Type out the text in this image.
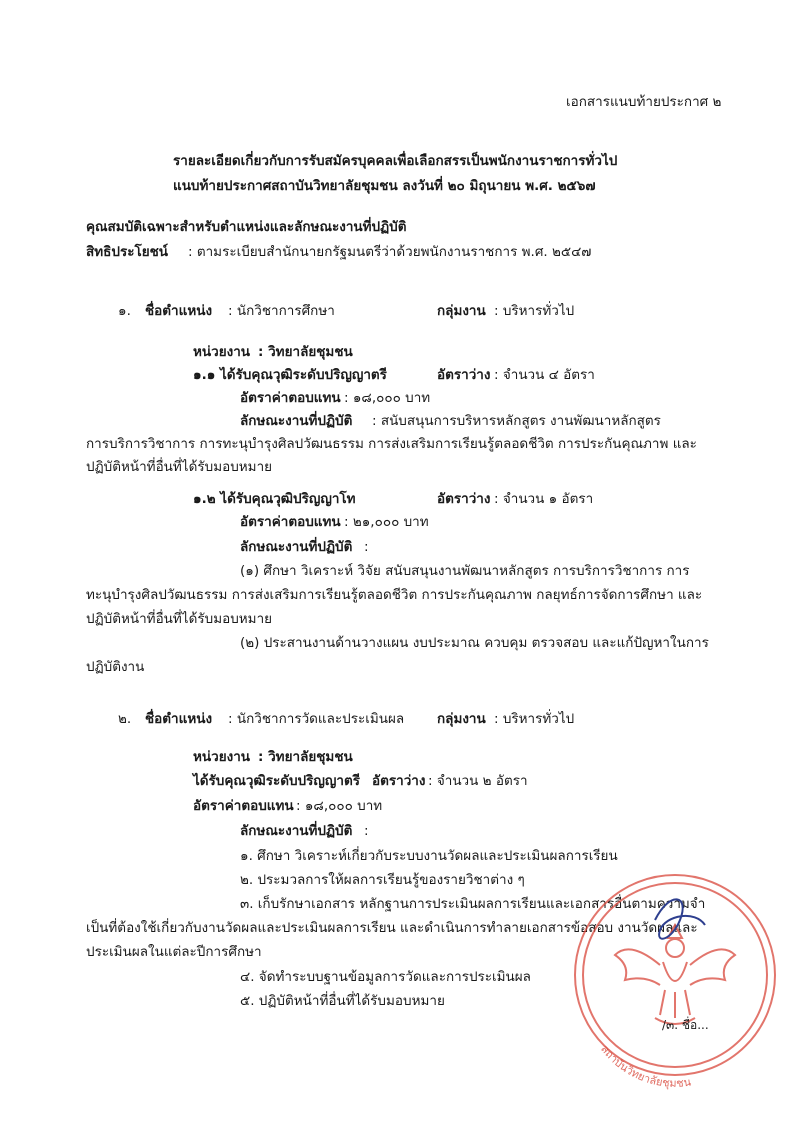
เอกสารแนบท้ายประกาศ ๒
รายละเอียดเกี่ยวกับการรับสมัครบุคคลเพื่อเลือกสรรเป็นพนักงานราชการทั่วไป
แนบท้ายประกาศสถาบันวิทยาลัยชุมชน ลงวันที่ ๒๐ มิถุนายน พ.ศ. ๒๕๖๗
คุณสมบัติเฉพาะสำหรับตำแหน่งและลักษณะงานที่ปฏิบัติ
สิทธิประโยชน์ : ตามระเบียบสำนักนายกรัฐมนตรีว่าด้วยพนักงานราชการ พ.ศ. ๒๕๔๗
๑. ชื่อตำแหน่ง : นักวิชาการศึกษา	กลุ่มงาน : บริหารทั่วไป
หน่วยงาน : วิทยาลัยชุมชน
๑.๑ ได้รับคุณวุฒิระดับปริญญาตรี	อัตราว่าง : จำนวน ๔ อัตรา
อัตราค่าตอบแทน : ๑๘,๐๐๐ บาท
ลักษณะงานที่ปฏิบัติ : สนับสนุนการบริหารหลักสูตร งานพัฒนาหลักสูตร
การบริการวิชาการ การทะนุบำรุงศิลปวัฒนธรรม การส่งเสริมการเรียนรู้ตลอดชีวิต การประกันคุณภาพ และ
ปฏิบัติหน้าที่อื่นที่ได้รับมอบหมาย
๑.๒ ได้รับคุณวุฒิปริญญาโท	อัตราว่าง : จำนวน ๑ อัตรา
อัตราค่าตอบแทน : ๒๑,๐๐๐ บาท
ลักษณะงานที่ปฏิบัติ :
(๑) ศึกษา วิเคราะห์ วิจัย สนับสนุนงานพัฒนาหลักสูตร การบริการวิชาการ การ
ทะนุบำรุงศิลปวัฒนธรรม การส่งเสริมการเรียนรู้ตลอดชีวิต การประกันคุณภาพ กลยุทธ์การจัดการศึกษา และ
ปฏิบัติหน้าที่อื่นที่ได้รับมอบหมาย
(๒) ประสานงานด้านวางแผน งบประมาณ ควบคุม ตรวจสอบ และแก้ปัญหาในการ
ปฏิบัติงาน
๒. ชื่อตำแหน่ง : นักวิชาการวัดและประเมินผล กลุ่มงาน : บริหารทั่วไป
หน่วยงาน : วิทยาลัยชุมชน
ได้รับคุณวุฒิระดับปริญญาตรี อัตราว่าง : จำนวน ๒ อัตรา
อัตราค่าตอบแทน : ๑๘,๐๐๐ บาท
ลักษณะงานที่ปฏิบัติ :
๑. ศึกษา วิเคราะห์เกี่ยวกับระบบงานวัดผลและประเมินผลการเรียน
๒. ประมวลการให้ผลการเรียนรู้ของรายวิชาต่าง ๆ
๓. เก็บรักษาเอกสาร หลักฐานการประเมินผลการเรียนและเอกสารอื่นตามความจำ
เป็นที่ต้องใช้เกี่ยวกับงานวัดผลและประเมินผลการเรียน และดำเนินการทำลายเอกสารข้อสอบ งานวัดผลและ
ประเมินผลในแต่ละปีการศึกษา
๔. จัดทำระบบฐานข้อมูลการวัดและการประเมินผล
๕. ปฏิบัติหน้าที่อื่นที่ได้รับมอบหมาย
สถาบันวิทยาลัยชุมชน
/๓. ชื่อ...
